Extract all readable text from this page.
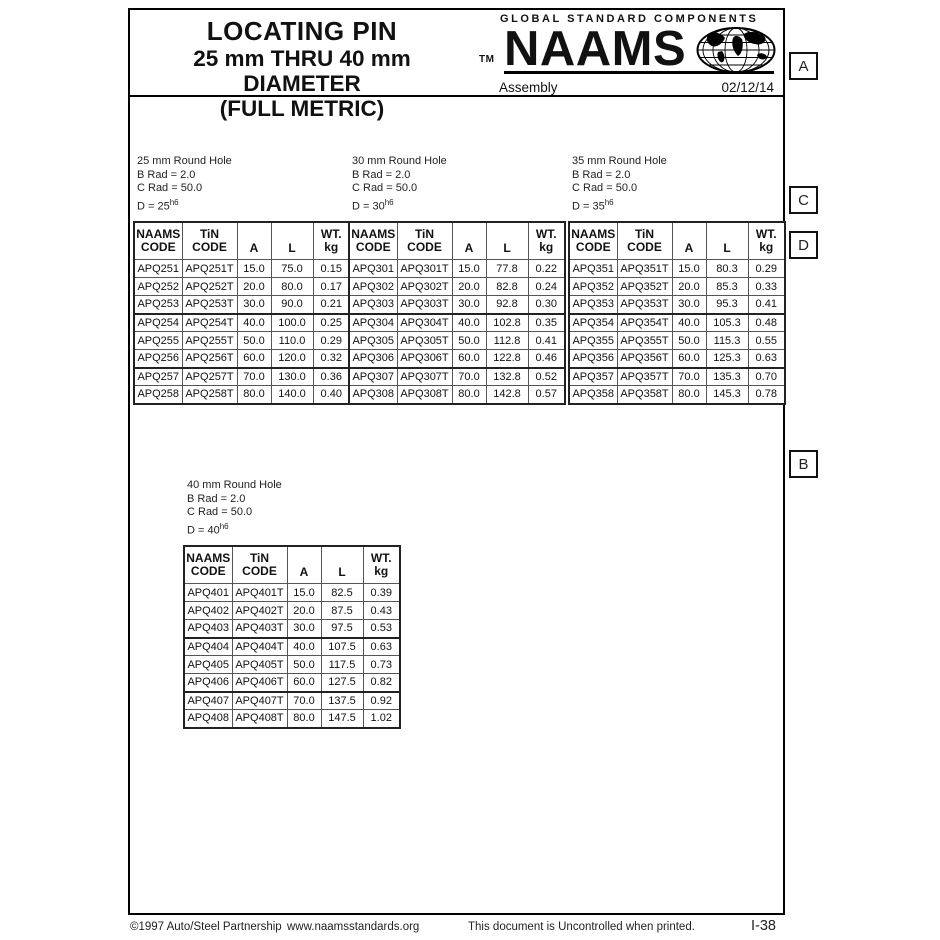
LOCATING PIN
25 mm THRU 40 mm DIAMETER
(FULL METRIC)
TM
GLOBAL STANDARD COMPONENTS
NAAMS
Assembly	02/12/14
A
C
D
B
25 mm Round Hole
B Rad = 2.0
C Rad = 50.0
$D = 25^{h6}$
NAAMS
CODE	TiN
CODE	A	L	WT.
kg
APQ251	APQ251T	15.0	75.0	0.15
APQ252	APQ252T	20.0	80.0	0.17
APQ253	APQ253T	30.0	90.0	0.21
APQ254	APQ254T	40.0	100.0	0.25
APQ255	APQ255T	50.0	110.0	0.29
APQ256	APQ256T	60.0	120.0	0.32
APQ257	APQ257T	70.0	130.0	0.36
APQ258	APQ258T	80.0	140.0	0.40
30 mm Round Hole
B Rad = 2.0
C Rad = 50.0
$D = 30^{h6}$
NAAMS
CODE	TiN
CODE	A	L	WT.
kg
APQ301	APQ301T	15.0	77.8	0.22
APQ302	APQ302T	20.0	82.8	0.24
APQ303	APQ303T	30.0	92.8	0.30
APQ304	APQ304T	40.0	102.8	0.35
APQ305	APQ305T	50.0	112.8	0.41
APQ306	APQ306T	60.0	122.8	0.46
APQ307	APQ307T	70.0	132.8	0.52
APQ308	APQ308T	80.0	142.8	0.57
35 mm Round Hole
B Rad = 2.0
C Rad = 50.0
$D = 35^{h6}$
NAAMS
CODE	TiN
CODE	A	L	WT.
kg
APQ351	APQ351T	15.0	80.3	0.29
APQ352	APQ352T	20.0	85.3	0.33
APQ353	APQ353T	30.0	95.3	0.41
APQ354	APQ354T	40.0	105.3	0.48
APQ355	APQ355T	50.0	115.3	0.55
APQ356	APQ356T	60.0	125.3	0.63
APQ357	APQ357T	70.0	135.3	0.70
APQ358	APQ358T	80.0	145.3	0.78
40 mm Round Hole
B Rad = 2.0
C Rad = 50.0
$D = 40^{h6}$
NAAMS
CODE	TiN
CODE	A	L	WT.
kg
APQ401	APQ401T	15.0	82.5	0.39
APQ402	APQ402T	20.0	87.5	0.43
APQ403	APQ403T	30.0	97.5	0.53
APQ404	APQ404T	40.0	107.5	0.63
APQ405	APQ405T	50.0	117.5	0.73
APQ406	APQ406T	60.0	127.5	0.82
APQ407	APQ407T	70.0	137.5	0.92
APQ408	APQ408T	80.0	147.5	1.02
©1997 Auto/Steel Partnership www.naamsstandards.org	This document is Uncontrolled when printed.	I-38
